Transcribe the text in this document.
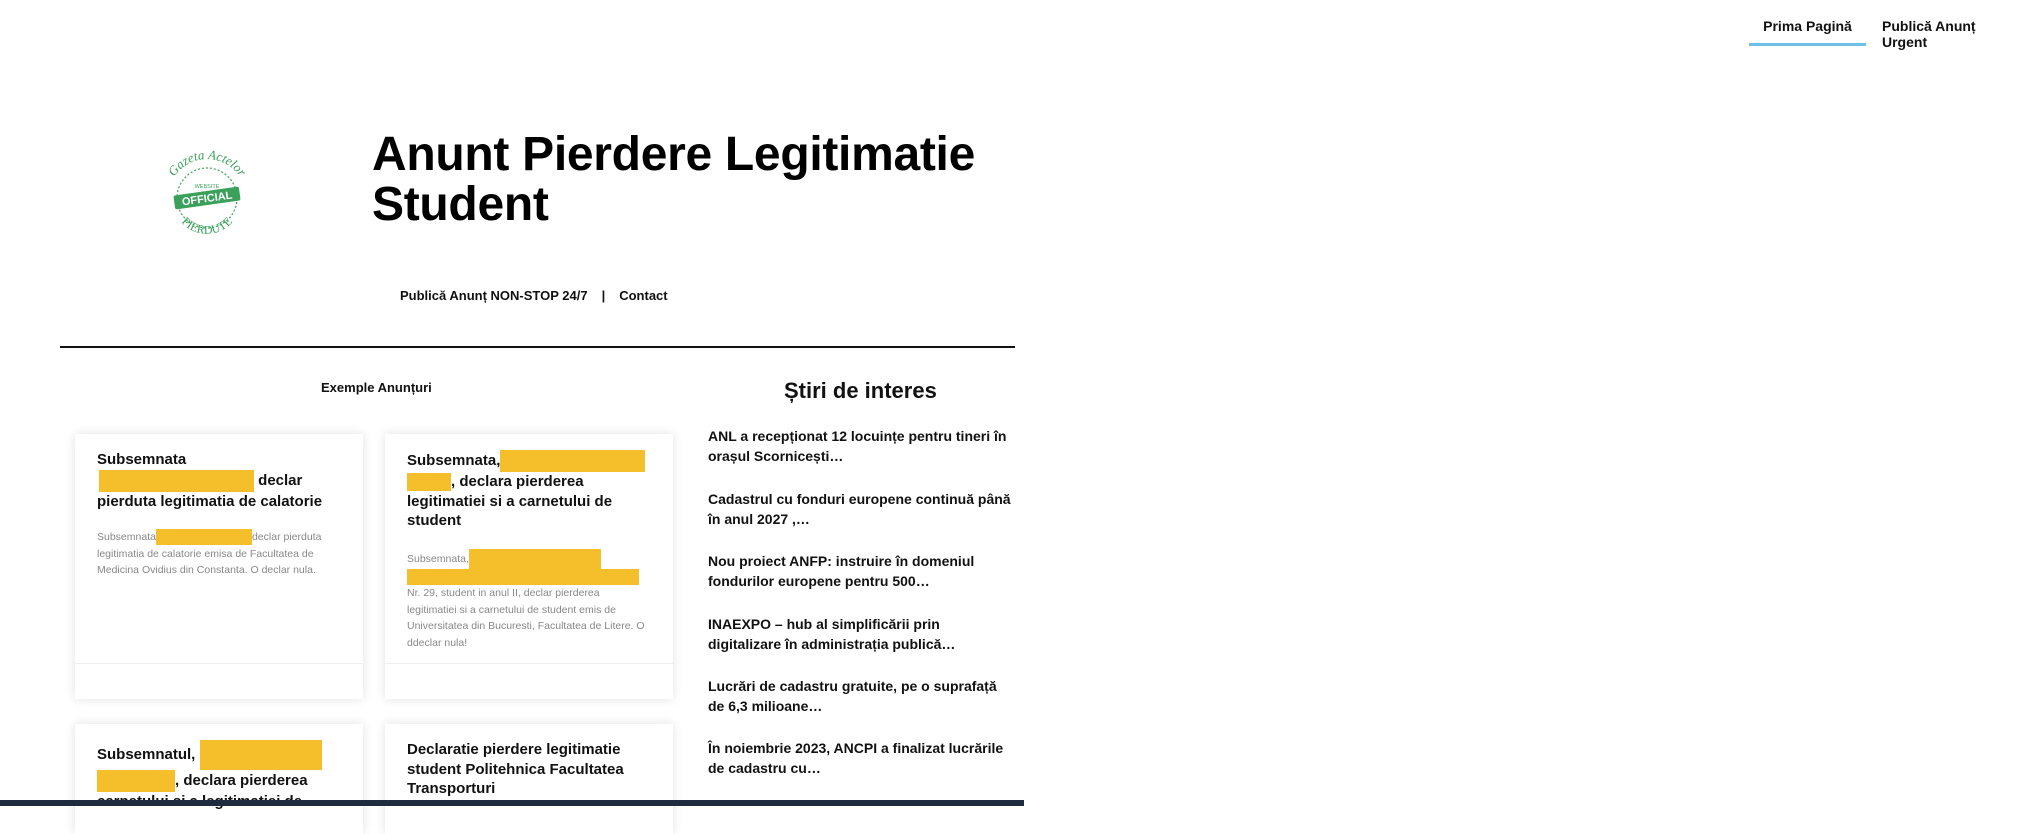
Prima Pagină	Publică Anunț Urgent
Gazeta Actelor
PIERDUTE
WEBSITE
OFFICIAL
Anunt Pierdere Legitimatie Student
Publică Anunț NON-STOP 24/7 | Contact
Exemple Anunțuri
Subsemnata  declar pierduta legitimatia de calatorie

Subsemnata	declar pierduta legitimatia de calatorie emisa de Facultatea de Medicina Ovidius din Constanta. O declar nula.

Subsemnata,
, declara pierderea legitimatiei si a carnetului de student

Subsemnata,

Nr. 29, student in anul II, declar pierderea legitimatiei si a carnetului de student emis de Universitatea din Bucuresti, Facultatea de Litere. O ddeclar nula!

Subsemnatul,
, declara pierderea
Declaratie pierdere legitimatie student Politehnica Facultatea Transporturi
Știri de interes
ANL a recepționat 12 locuințe pentru tineri în orașul Scornicești…
Cadastrul cu fonduri europene continuă până în anul 2027 ,…
Nou proiect ANFP: instruire în domeniul fondurilor europene pentru 500…
INAEXPO – hub al simplificării prin digitalizare în administrația publică…
Lucrări de cadastru gratuite, pe o suprafață de 6,3 milioane…
În noiembrie 2023, ANCPI a finalizat lucrările de cadastru cu…
